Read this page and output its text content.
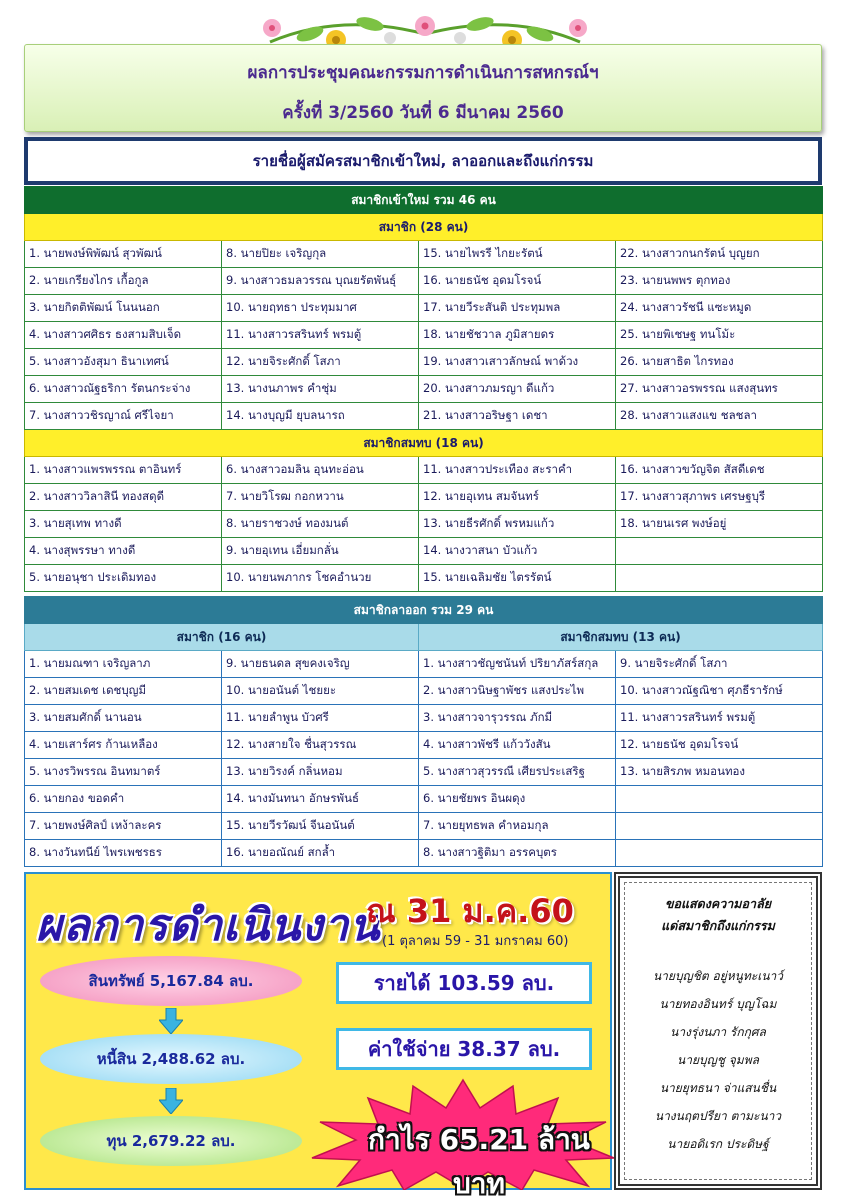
ผลการประชุมคณะกรรมการดำเนินการสหกรณ์ฯ
ครั้งที่ 3/2560 วันที่ 6 มีนาคม 2560
รายชื่อผู้สมัครสมาชิกเข้าใหม่, ลาออกและถึงแก่กรรม
สมาชิกเข้าใหม่ รวม 46 คน			
สมาชิก (28 คน)			
1. นายพงษ์พิพัฒน์ สุวพัฒน์	8. นายปิยะ เจริญกุล	15. นายไพรรี ไกยะรัตน์	22. นางสาวกนกรัตน์ บุญยก
2. นายเกรียงไกร เกื้อกูล	9. นางสาวธมลวรรณ บุณยรัตพันธุ์	16. นายธนัช อุดมโรจน์	23. นายนพพร ตุกทอง
3. นายกิตติพัฒน์ โนนนอก	10. นายฤทธา ประทุมมาศ	17. นายวีระสันติ ประทุมพล	24. นางสาวรัชนี แซะหมูด
4. นางสาวศศิธร ธงสามสิบเจ็ด	11. นางสาวรสรินทร์ พรมตู้	18. นายชัชวาล ภูมิสายดร	25. นายพิเชษฐ ทนโม้ะ
5. นางสาวอังสุมา ธินาเทศน์	12. นายจิระศักดิ์ โสภา	19. นางสาวเสาวลักษณ์ พาด้วง	26. นายสาธิต ไกรทอง
6. นางสาวณัฐธริกา รัตนกระจ่าง	13. นางนภาพร คำชุ่ม	20. นางสาวภมรญา ดีแก้ว	27. นางสาวอรพรรณ แสงสุนทร
7. นางสาววชิรญาณ์ ศรีไจยา	14. นางบุญมี ยุบลนารถ	21. นางสาวอริษฐา เดชา	28. นางสาวแสงแข ชลชลา
สมาชิกสมทบ (18 คน)			
1. นางสาวแพรพรรณ ตาอินทร์	6. นางสาวอมลิน อุนทะอ่อน	11. นางสาวประเทือง สะราคำ	16. นางสาวขวัญจิต สัสดีเดช
2. นางสาววิลาสินี ทองสดุดี	7. นายวิโรฒ กอกหวาน	12. นายอุเทน สมจันทร์	17. นางสาวสุภาพร เศรษฐบุรี
3. นายสุเทพ ทางดี	8. นายราชวงษ์ ทองมนต์	13. นายธีรศักดิ์ พรหมแก้ว	18. นายนเรศ พงษ์อยู่
4. นางสุพรรษา ทางดี	9. นายอุเทน เอี่ยมกลั่น	14. นางวาสนา บัวแก้ว	
5. นายอนุชา ประเดิมทอง	10. นายนพภากร โชคอำนวย	15. นายเฉลิมชัย ไตรรัตน์	
สมาชิกลาออก รวม 29 คน			
สมาชิก (16 คน)		สมาชิกสมทบ (13 คน)	
1. นายมณฑา เจริญลาภ	9. นายธนดล สุขคงเจริญ	1. นางสาวชัญชนันท์ ปริยาภัสร์สกุล	9. นายจิระศักดิ์ โสภา
2. นายสมเดช เดชบุญมี	10. นายอนันต์ ไชยยะ	2. นางสาวนิษฐาพัชร แสงประไพ	10. นางสาวณัฐณิชา ศุภธีรารักษ์
3. นายสมศักดิ์ นานอน	11. นายลำพูน บัวศรี	3. นางสาวจารุวรรณ ภักมี	11. นางสาวรสรินทร์ พรมตู้
4. นายเสาร์ศร ก้านเหลือง	12. นางสายใจ ชื่นสุวรรณ	4. นางสาวพัชรี แก้ววังสัน	12. นายธนัช อุดมโรจน์
5. นางรวิพรรณ อินทมาตร์	13. นายวิรงค์ กลิ่นหอม	5. นางสาวสุวรรณี เศียรประเสริฐ	13. นายสิรภพ หมอนทอง
6. นายกอง ขอดคำ	14. นางมันทนา อักษรพันธ์	6. นายชัยพร อินผดุง	
7. นายพงษ์ศิลป์ เหง้าละคร	15. นายวีรวัฒน์ จีนอนันต์	7. นายยุทธพล คำหอมกุล	
8. นางวันทนีย์ ไพรเพชรธร	16. นายอณัณย์ สกล้ำ	8. นางสาวฐิติมา อรรคบุตร	
ผลการดำเนินงาน
ณ 31 ม.ค.60
(1 ตุลาคม 59 - 31 มกราคม 60)
สินทรัพย์ 5,167.84 ลบ.
หนี้สิน 2,488.62 ลบ.
ทุน 2,679.22 ลบ.
รายได้ 103.59 ลบ.
ค่าใช้จ่าย 38.37 ลบ.
กำไร 65.21 ล้านบาท
ขอแสดงความอาลัย
แด่สมาชิกถึงแก่กรรม
นายบุญชิต อยู่หนูทะเนาว์
นายทองอินทร์ บุญโฉม
นางรุ่งนภา รักกุศล
นายบุญชู จุมพล
นายยุทธนา จ่าแสนชื่น
นางนฤตปรียา ตามะนาว
นายอดิเรก ประดิษฐ์
